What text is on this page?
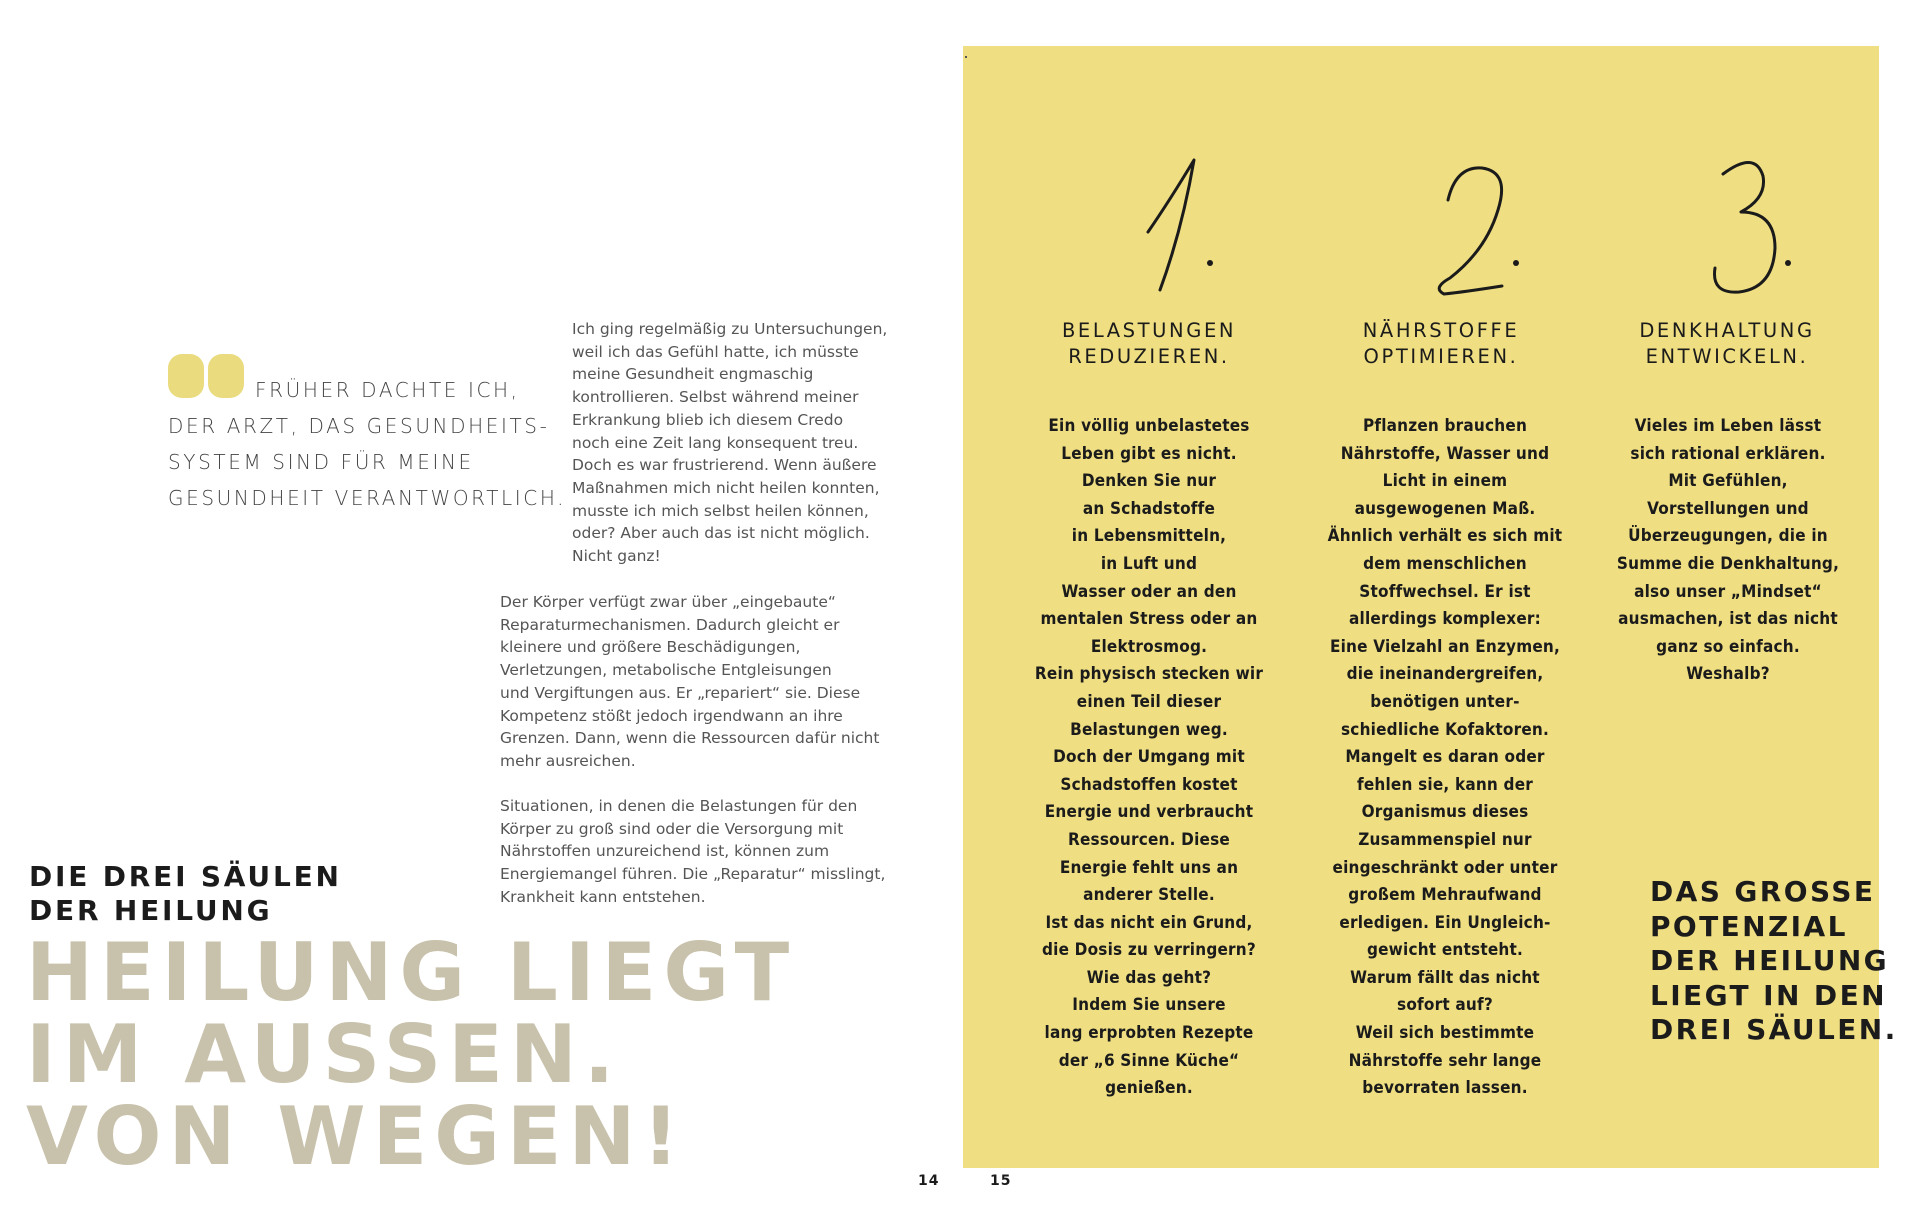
FRÜHER DACHTE ICH,
DER ARZT, DAS GESUNDHEITS-
SYSTEM SIND FÜR MEINE
GESUNDHEIT VERANTWORTLICH.
Ich ging regelmäßig zu Untersuchungen,
weil ich das Gefühl hatte, ich müsste
meine Gesundheit engmaschig
kontrollieren. Selbst während meiner
Erkrankung blieb ich diesem Credo
noch eine Zeit lang konsequent treu.
Doch es war frustrierend. Wenn äußere
Maßnahmen mich nicht heilen konnten,
musste ich mich selbst heilen können,
oder? Aber auch das ist nicht möglich.
Nicht ganz!
Der Körper verfügt zwar über „eingebaute“
Reparaturmechanismen. Dadurch gleicht er
kleinere und größere Beschädigungen,
Verletzungen, metabolische Entgleisungen
und Vergiftungen aus. Er „repariert“ sie. Diese
Kompetenz stößt jedoch irgendwann an ihre
Grenzen. Dann, wenn die Ressourcen dafür nicht
mehr ausreichen.
Situationen, in denen die Belastungen für den
Körper zu groß sind oder die Versorgung mit
Nährstoffen unzureichend ist, können zum
Energiemangel führen. Die „Reparatur“ misslingt,
Krankheit kann entstehen.
DIE DREI SÄULEN
DER HEILUNG
HEILUNG LIEGT
IM AUSSEN.
VON WEGEN!	14	15
BELASTUNGEN
REDUZIEREN.
NÄHRSTOFFE
OPTIMIEREN.
DENKHALTUNG
ENTWICKELN.
Ein völlig unbelastetes
Leben gibt es nicht.
Denken Sie nur
an Schadstoffe
in Lebensmitteln,
in Luft und
Wasser oder an den
mentalen Stress oder an
Elektrosmog.
Rein physisch stecken wir
einen Teil dieser
Belastungen weg.
Doch der Umgang mit
Schadstoffen kostet
Energie und verbraucht
Ressourcen. Diese
Energie fehlt uns an
anderer Stelle.
Ist das nicht ein Grund,
die Dosis zu verringern?
Wie das geht?
Indem Sie unsere
lang erprobten Rezepte
der „6 Sinne Küche“
genießen.
Pflanzen brauchen
Nährstoffe, Wasser und
Licht in einem
ausgewogenen Maß.
Ähnlich verhält es sich mit
dem menschlichen
Stoffwechsel. Er ist
allerdings komplexer:
Eine Vielzahl an Enzymen,
die ineinandergreifen,
benötigen unter-
schiedliche Kofaktoren.
Mangelt es daran oder
fehlen sie, kann der
Organismus dieses
Zusammenspiel nur
eingeschränkt oder unter
großem Mehraufwand
erledigen. Ein Ungleich-
gewicht entsteht.
Warum fällt das nicht
sofort auf?
Weil sich bestimmte
Nährstoffe sehr lange
bevorraten lassen.
Vieles im Leben lässt
sich rational erklären.
Mit Gefühlen,
Vorstellungen und
Überzeugungen, die in
Summe die Denkhaltung,
also unser „Mindset“
ausmachen, ist das nicht
ganz so einfach.
Weshalb?
DAS GROSSE
POTENZIAL
DER HEILUNG
LIEGT IN DEN
DREI SÄULEN.
